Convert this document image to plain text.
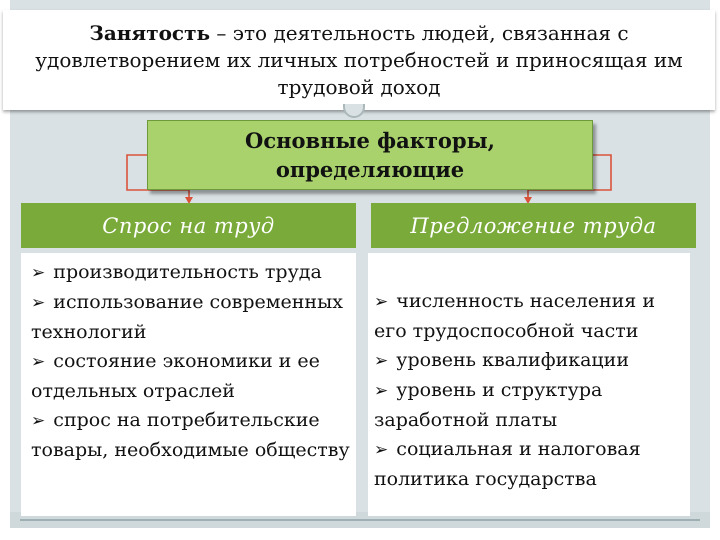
Занятость – это деятельность людей, связанная с удовлетворением их личных потребностей и приносящая им трудовой доход
Основные факторы,
определяющие
Спрос на труд	Предложение труда
➢ производительность труда
➢ использование современных технологий
➢ состояние экономики и ее отдельных отраслей
➢ спрос на потребительские товары, необходимые обществу
➢ численность населения и его трудоспособной части
➢ уровень квалификации
➢ уровень и структура заработной платы
➢ социальная и налоговая политика государства
